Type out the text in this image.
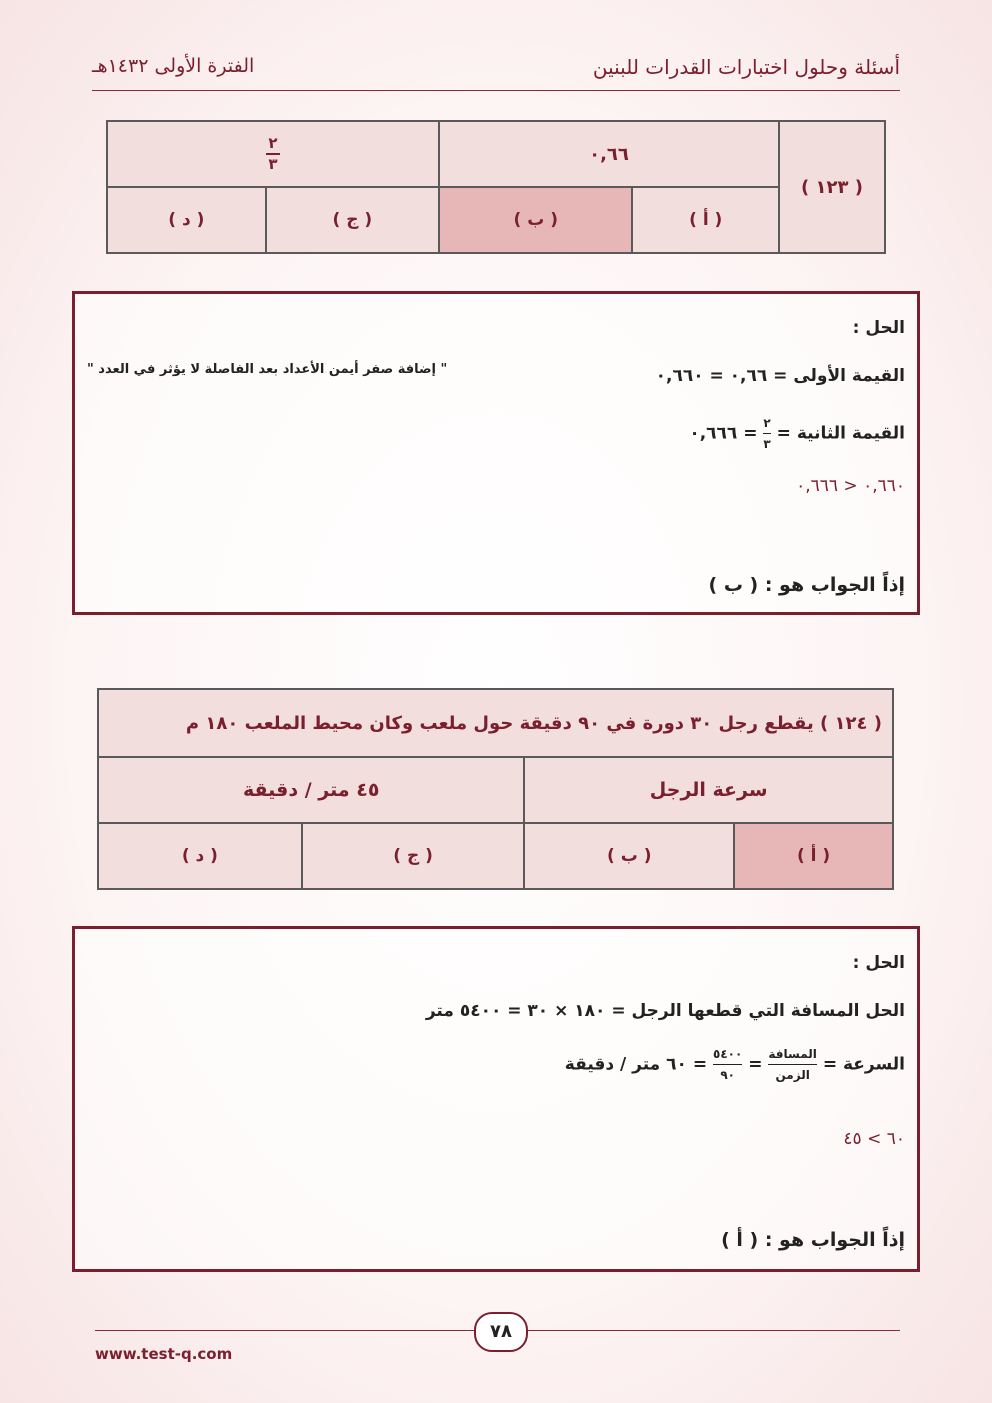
أسئلة وحلول اختبارات القدرات للبنين
الفترة الأولى ١٤٣٢هـ
( ١٢٣ )	٠,٦٦		$\frac{٢}{٣}$

	( أ )	( ب )	( ج )	( د )
الحل :
القيمة الأولى = ٠,٦٦ = ٠,٦٦٠
" إضافة صفر أيمن الأعداد بعد الفاصلة لا يؤثر في العدد "
القيمة الثانية =
٢
٣
= ٠,٦٦٦
٠,٦٦٠ < ٠,٦٦٦
إذاً الجواب هو : ( ب )
( ١٢٤ ) يقطع رجل ٣٠ دورة في ٩٠ دقيقة حول ملعب وكان محيط الملعب ١٨٠ م			
سرعة الرجل		٤٥ متر / دقيقة	
( أ )	( ب )	( ج )	( د )
الحل :
الحل المسافة التي قطعها الرجل = ١٨٠ × ٣٠ = ٥٤٠٠ متر
السرعة =
المسافة
الزمن
=
٥٤٠٠
٩٠
= ٦٠ متر / دقيقة
٦٠ > ٤٥
إذاً الجواب هو : ( أ )
٧٨
www.test-q.com
